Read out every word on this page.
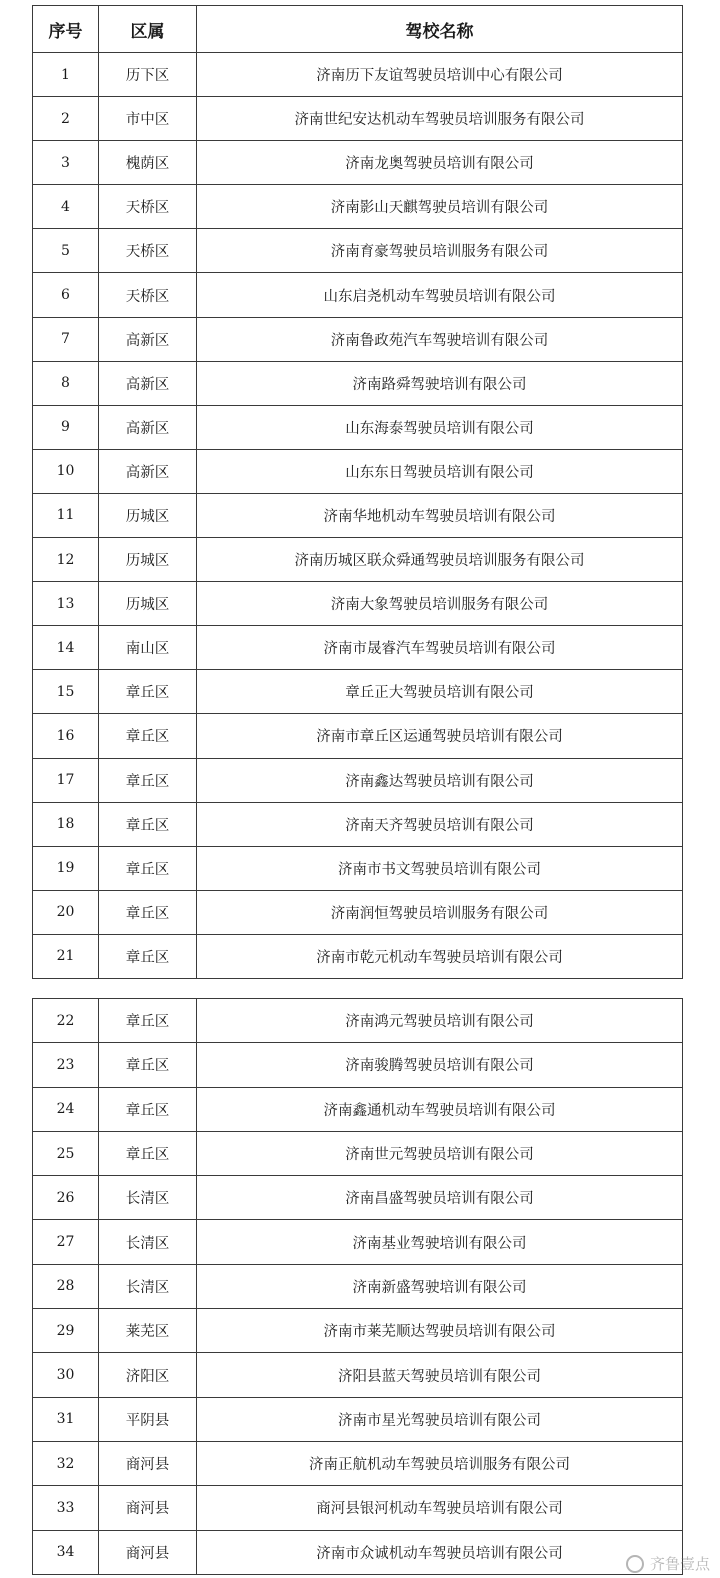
序号	区属	驾校名称
1	历下区	济南历下友谊驾驶员培训中心有限公司
2	市中区	济南世纪安达机动车驾驶员培训服务有限公司
3	槐荫区	济南龙奥驾驶员培训有限公司
4	天桥区	济南影山天麒驾驶员培训有限公司
5	天桥区	济南育豪驾驶员培训服务有限公司
6	天桥区	山东启尧机动车驾驶员培训有限公司
7	高新区	济南鲁政苑汽车驾驶培训有限公司
8	高新区	济南路舜驾驶培训有限公司
9	高新区	山东海泰驾驶员培训有限公司
10	高新区	山东东日驾驶员培训有限公司
11	历城区	济南华地机动车驾驶员培训有限公司
12	历城区	济南历城区联众舜通驾驶员培训服务有限公司
13	历城区	济南大象驾驶员培训服务有限公司
14	南山区	济南市晟睿汽车驾驶员培训有限公司
15	章丘区	章丘正大驾驶员培训有限公司
16	章丘区	济南市章丘区运通驾驶员培训有限公司
17	章丘区	济南鑫达驾驶员培训有限公司
18	章丘区	济南天齐驾驶员培训有限公司
19	章丘区	济南市书文驾驶员培训有限公司
20	章丘区	济南润恒驾驶员培训服务有限公司
21	章丘区	济南市乾元机动车驾驶员培训有限公司
22	章丘区	济南鸿元驾驶员培训有限公司
23	章丘区	济南骏腾驾驶员培训有限公司
24	章丘区	济南鑫通机动车驾驶员培训有限公司
25	章丘区	济南世元驾驶员培训有限公司
26	长清区	济南昌盛驾驶员培训有限公司
27	长清区	济南基业驾驶培训有限公司
28	长清区	济南新盛驾驶培训有限公司
29	莱芜区	济南市莱芜顺达驾驶员培训有限公司
30	济阳区	济阳县蓝天驾驶员培训有限公司
31	平阴县	济南市星光驾驶员培训有限公司
32	商河县	济南正航机动车驾驶员培训服务有限公司
33	商河县	商河县银河机动车驾驶员培训有限公司
34	商河县	济南市众诚机动车驾驶员培训有限公司
齐鲁壹点
